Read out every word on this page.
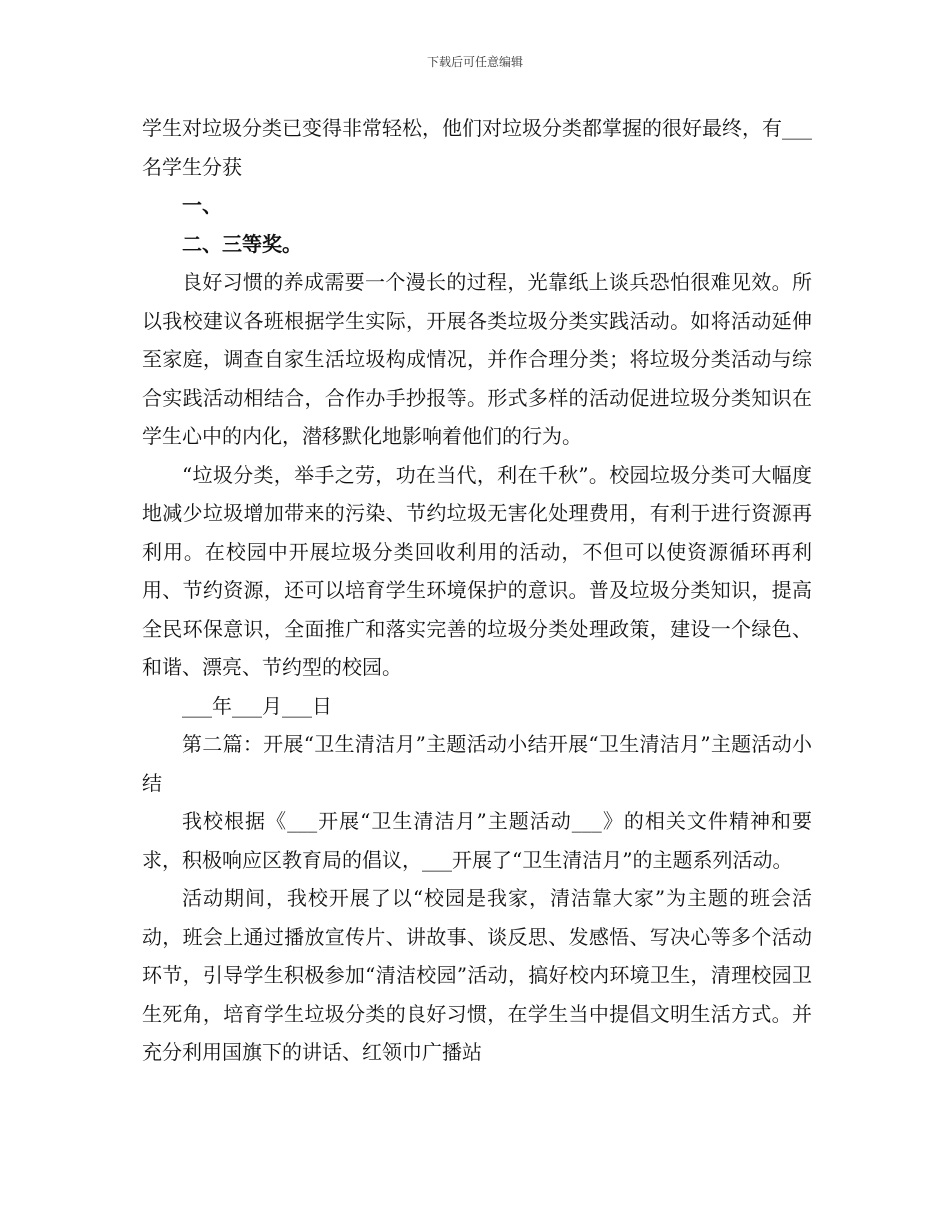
下载后可任意编辑

学生对垃圾分类已变得非常轻松，他们对垃圾分类都掌握的很好最终，有___名学生分获

一、

二、三等奖。

良好习惯的养成需要一个漫长的过程，光靠纸上谈兵恐怕很难见效。所以我校建议各班根据学生实际，开展各类垃圾分类实践活动。如将活动延伸至家庭，调查自家生活垃圾构成情况，并作合理分类；将垃圾分类活动与综合实践活动相结合，合作办手抄报等。形式多样的活动促进垃圾分类知识在学生心中的内化，潜移默化地影响着他们的行为。

“垃圾分类，举手之劳，功在当代，利在千秋”。校园垃圾分类可大幅度地减少垃圾增加带来的污染、节约垃圾无害化处理费用，有利于进行资源再利用。在校园中开展垃圾分类回收利用的活动，不但可以使资源循环再利用、节约资源，还可以培育学生环境保护的意识。普及垃圾分类知识，提高全民环保意识，全面推广和落实完善的垃圾分类处理政策，建设一个绿色、和谐、漂亮、节约型的校园。

___年___月___日

第二篇：开展“卫生清洁月”主题活动小结开展“卫生清洁月”主题活动小结

我校根据《___开展“卫生清洁月”主题活动___》的相关文件精神和要求，积极响应区教育局的倡议，___开展了“卫生清洁月”的主题系列活动。

活动期间，我校开展了以“校园是我家，清洁靠大家”为主题的班会活动，班会上通过播放宣传片、讲故事、谈反思、发感悟、写决心等多个活动环节，引导学生积极参加“清洁校园”活动，搞好校内环境卫生，清理校园卫生死角，培育学生垃圾分类的良好习惯，在学生当中提倡文明生活方式。并充分利用国旗下的讲话、红领巾广播站
